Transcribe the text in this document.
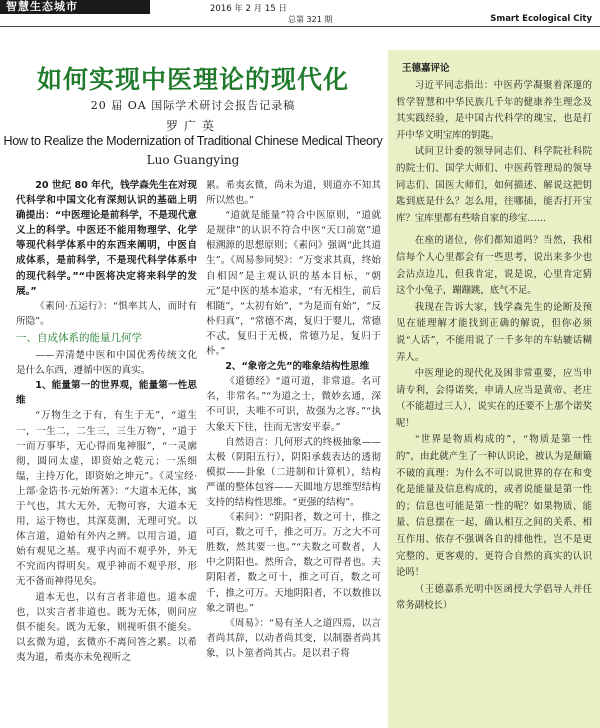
智慧生态城市	2016 年 2 月 15 日
总第 321 期	Smart Ecological City
如何实现中医理论的现代化
20 届 OA 国际学术研讨会报告记录稿
罗广英
How to Realize the Modernization of Traditional Chinese Medical Theory
Luo Guangying

20 世纪 80 年代，钱学森先生在对现代科学和中国文化有深刻认识的基础上明确提出：“中医理论是前科学，不是现代意义上的科学。中医还不能用物理学、化学等现代科学体系中的东西来阐明，中医自成体系，是前科学，不是现代科学体系中的现代科学。”“中医将决定将来科学的发展。”

《素问·五运行》：“惧率其人，而时有所隐”。

一、自成体系的能量几何学

——弄清楚中医和中国优秀传统文化是什么东西，遵循中医的真实。

1、能量第一的世界观，能量第一性思维

“万物生之于有，有生于无”，“道生一，一生二，二生三，三生万物”，“道于一而万事毕，无心得而鬼神服”，“一灵廓彻，圆同太虚，即资始之乾元；一炁细缊，主持万化，即资始之坤元”。《灵宝经·上部·金诰书·元始所著》：“大道本无体，寓于气也，其大无外，无物可容，大道本无用，运于物也，其深莫测，无理可究。以体言道，道始有外内之辨。以用言道，道始有观见之基。观乎内而不观乎外，外无不究而内得明矣。观乎神而不观乎形，形无不备而神得见矣。

道本无也，以有言者非道也。道本虚也，以实言者非道也。既为无体，则问应俱不能矣。既为无象，则视听俱不能矣。以玄微为道，玄微亦不离问答之累。以希夷为道，希夷亦未免视听之

累。希夷玄微，尚未为道，则道亦不知其所以然也。”

“道就是能量”符合中医原则，“道就是规律”的认识不符合中医“天口前宽”道根溯源的思想原则；《素问》强调“此其道生”。《周易参同契》：“万变求其真，终始自相因”是主观认识的基本目标，“朝元”是中医的基本追求，“有无相生，前后相随”，“太初有始”，“为是而有始”，“反朴归真”，“常德不离，复归于婴儿，常德不忒，复归于无极，常德乃足，复归于朴。”

2、“象帝之先”的唯象结构性思维

《道德经》“道可道，非常道。名可名，非常名。”“为道之士，微妙玄通，深不可识，夫唯不可识，故强为之容。”“执大象天下往，往而无害安平泰。”

自然语言：几何形式的终极抽象——太极（阴阳五行），阴阳承载表达的透彻模拟——卦象（二进制和计算机），结构严谨的整体包容——天圆地方思维型结构支持的结构性思维。“更强的结构”。

《素问》：“阴阳者，数之可十，推之可百，数之可千，推之可万。万之大不可胜数，然其要一也。”“夫数之可数者，人中之阴阳也。然所合，数之可得者也。夫阴阳者，数之可十，推之可百，数之可千，推之可万。天地阴阳者，不以数推以象之谓也。”

《周易》：“易有圣人之道四焉，以言者尚其辞，以动者尚其变，以制器者尚其象，以卜筮者尚其占。是以君子将

王德嘉评论

习近平同志指出：中医药学凝聚着深邃的哲学智慧和中华民族几千年的健康养生理念及其实践经验，是中国古代科学的瑰宝，也是打开中华文明宝库的钥匙。

试问卫计委的领导同志们、科学院社科院的院士们、国学大师们、中医药管理局的领导同志们、国医大师们，如何描述、解说这把钥匙到底是什么？怎么用，往哪插，能否打开宝库？宝库里都有些啥自家的珍宝……

在座的诸位，你们都知道吗？当然，我相信每个人心里都会有一些思考，说出来多少也会沾点边儿，但我肯定，说是说，心里肯定猜这个小兔子，蹦蹦跳，底气不足。

我现在告诉大家，钱学森先生的论断及预见在能理解才能找到正确的解说，但你必须说“人话”，不能用说了一千多年的车轱辘话糊弄人。

中医理论的现代化及困非常重要，应当申请专利，会得诺奖，申请人应当是黄帝、老庄（不能超过三人），说实在的还要不上那个诺奖呢！

“世界是物质构成的”，“物质是第一性的”，由此就产生了一种认识论，被认为是颠簸不破的真理：为什么不可以说世界的存在和变化是能量及信息构成的，或者说能量是第一性的；信息也可能是第一性的呢？如果物质、能量、信息摆在一起，确认相互之间的关系、相互作用、依存不强调各自的排他性，岂不是更完整的、更客观的、更符合自然的真实的认识论吗！

（王德嘉系光明中医函授大学倡导人并任常务副校长）
